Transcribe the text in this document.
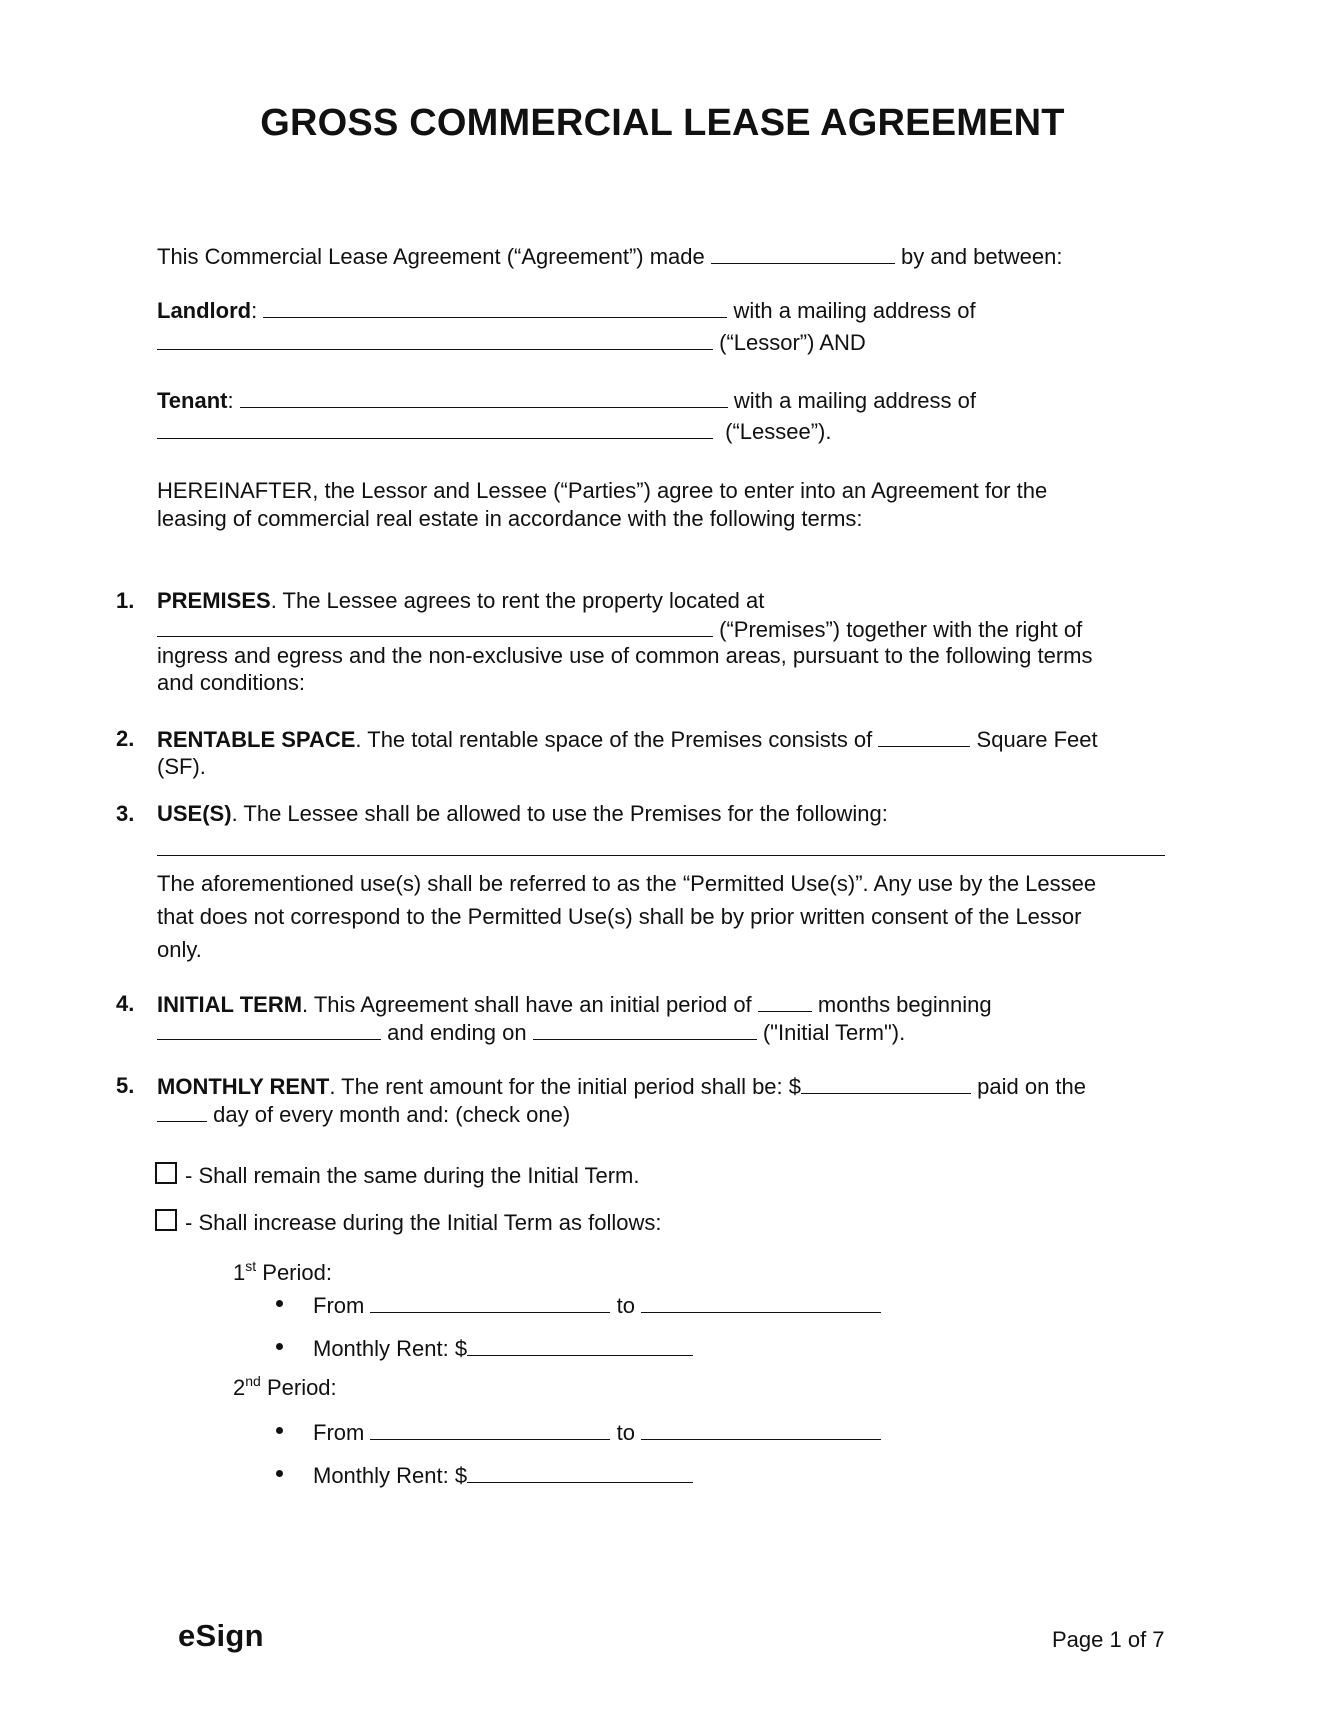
GROSS COMMERCIAL LEASE AGREEMENT
This Commercial Lease Agreement (“Agreement”) made	by and between:
Landlord:	with a mailing address of
(“Lessor”) AND
Tenant:	with a mailing address of
(“Lessee”).
HEREINAFTER, the Lessor and Lessee (“Parties”) agree to enter into an Agreement for the
leasing of commercial real estate in accordance with the following terms:
1. PREMISES. The Lessee agrees to rent the property located at
(“Premises”) together with the right of
ingress and egress and the non-exclusive use of common areas, pursuant to the following terms
and conditions:
2. RENTABLE SPACE. The total rentable space of the Premises consists of	Square Feet
(SF).
3. USE(S). The Lessee shall be allowed to use the Premises for the following:
The aforementioned use(s) shall be referred to as the “Permitted Use(s)”. Any use by the Lessee
that does not correspond to the Permitted Use(s) shall be by prior written consent of the Lessor
only.
4. INITIAL TERM. This Agreement shall have an initial period of	months beginning
and ending on	("Initial Term").
5. MONTHLY RENT. The rent amount for the initial period shall be: $	paid on the
day of every month and: (check one)
- Shall remain the same during the Initial Term.
- Shall increase during the Initial Term as follows:
1st Period:
From	to
Monthly Rent: $
2nd Period:
From	to
Monthly Rent: $
eSign	Page 1 of 7
